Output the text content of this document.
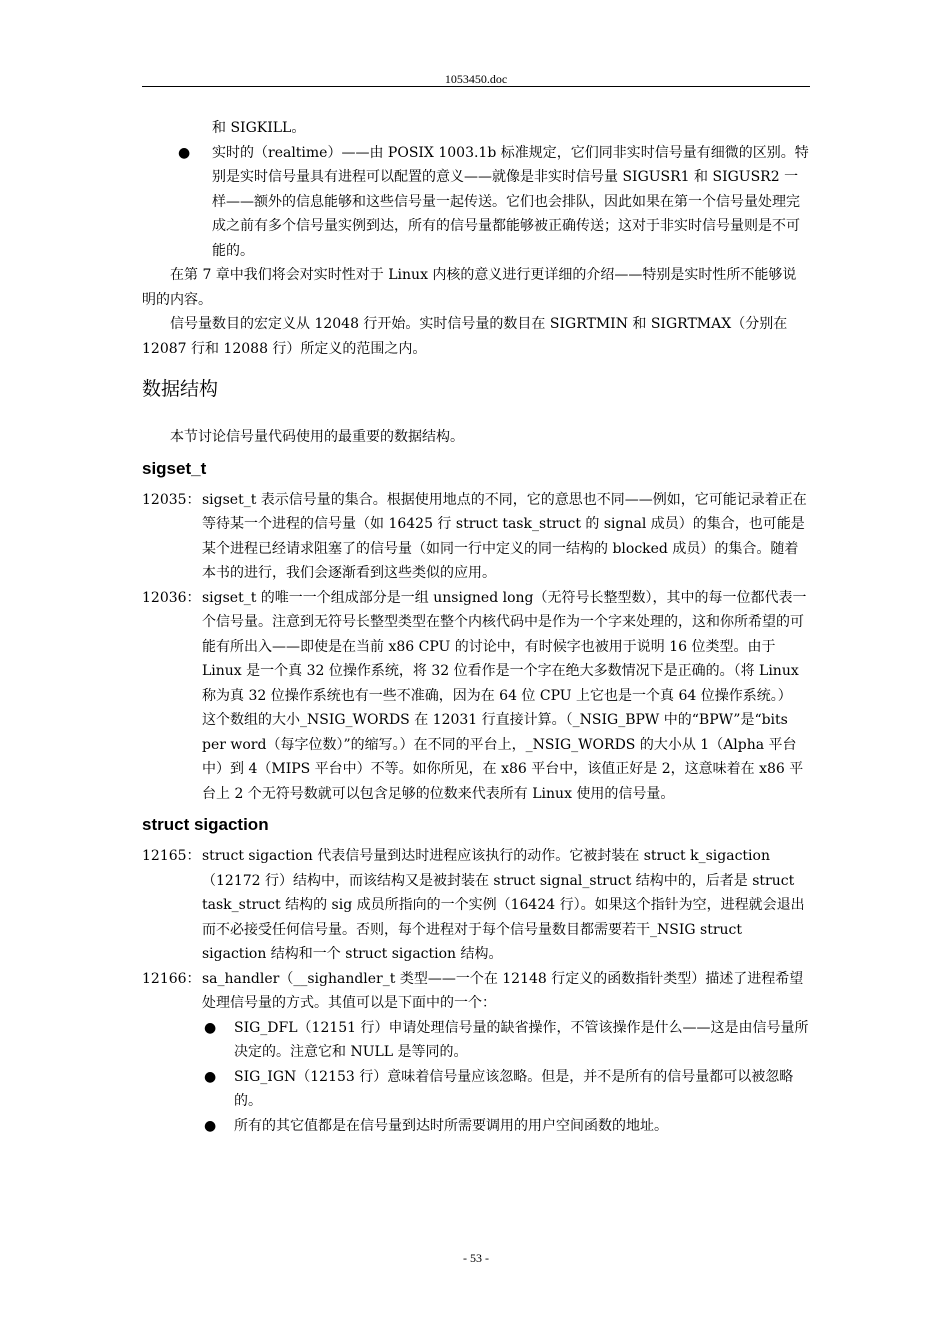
1053450.doc

和 SIGKILL。

● 实时的（realtime）——由 POSIX 1003.1b 标准规定，它们同非实时信号量有细微的区别。特别是实时信号量具有进程可以配置的意义——就像是非实时信号量 SIGUSR1 和 SIGUSR2 一样——额外的信息能够和这些信号量一起传送。它们也会排队，因此如果在第一个信号量处理完成之前有多个信号量实例到达，所有的信号量都能够被正确传送；这对于非实时信号量则是不可能的。

在第 7 章中我们将会对实时性对于 Linux 内核的意义进行更详细的介绍——特别是实时性所不能够说明的内容。

信号量数目的宏定义从 12048 行开始。实时信号量的数目在 SIGRTMIN 和 SIGRTMAX（分别在 12087 行和 12088 行）所定义的范围之内。

数据结构

本节讨论信号量代码使用的最重要的数据结构。

sigset_t

12035： sigset_t 表示信号量的集合。根据使用地点的不同，它的意思也不同——例如，它可能记录着正在等待某一个进程的信号量（如 16425 行 struct task_struct 的 signal 成员）的集合，也可能是某个进程已经请求阻塞了的信号量（如同一行中定义的同一结构的 blocked 成员）的集合。随着本书的进行，我们会逐渐看到这些类似的应用。

12036： sigset_t 的唯一一个组成部分是一组 unsigned long（无符号长整型数），其中的每一位都代表一个信号量。注意到无符号长整型类型在整个内核代码中是作为一个字来处理的，这和你所希望的可能有所出入——即使是在当前 x86 CPU 的讨论中，有时候字也被用于说明 16 位类型。由于 Linux 是一个真 32 位操作系统，将 32 位看作是一个字在绝大多数情况下是正确的。（将 Linux 称为真 32 位操作系统也有一些不准确，因为在 64 位 CPU 上它也是一个真 64 位操作系统。）

这个数组的大小_NSIG_WORDS 在 12031 行直接计算。（_NSIG_BPW 中的“BPW”是“bits per word（每字位数）”的缩写。）在不同的平台上，_NSIG_WORDS 的大小从 1（Alpha 平台中）到 4（MIPS 平台中）不等。如你所见，在 x86 平台中，该值正好是 2，这意味着在 x86 平台上 2 个无符号数就可以包含足够的位数来代表所有 Linux 使用的信号量。

struct sigaction

12165： struct sigaction 代表信号量到达时进程应该执行的动作。它被封装在 struct k_sigaction（12172 行）结构中，而该结构又是被封装在 struct signal_struct 结构中的，后者是 struct task_struct 结构的 sig 成员所指向的一个实例（16424 行）。如果这个指针为空，进程就会退出而不必接受任何信号量。否则，每个进程对于每个信号量数目都需要若干_NSIG struct sigaction 结构和一个 struct sigaction 结构。

12166： sa_handler（__sighandler_t 类型——一个在 12148 行定义的函数指针类型）描述了进程希望处理信号量的方式。其值可以是下面中的一个：

● SIG_DFL（12151 行）申请处理信号量的缺省操作，不管该操作是什么——这是由信号量所决定的。注意它和 NULL 是等同的。

● SIG_IGN（12153 行）意味着信号量应该忽略。但是，并不是所有的信号量都可以被忽略的。

● 所有的其它值都是在信号量到达时所需要调用的用户空间函数的地址。

- 53 -
